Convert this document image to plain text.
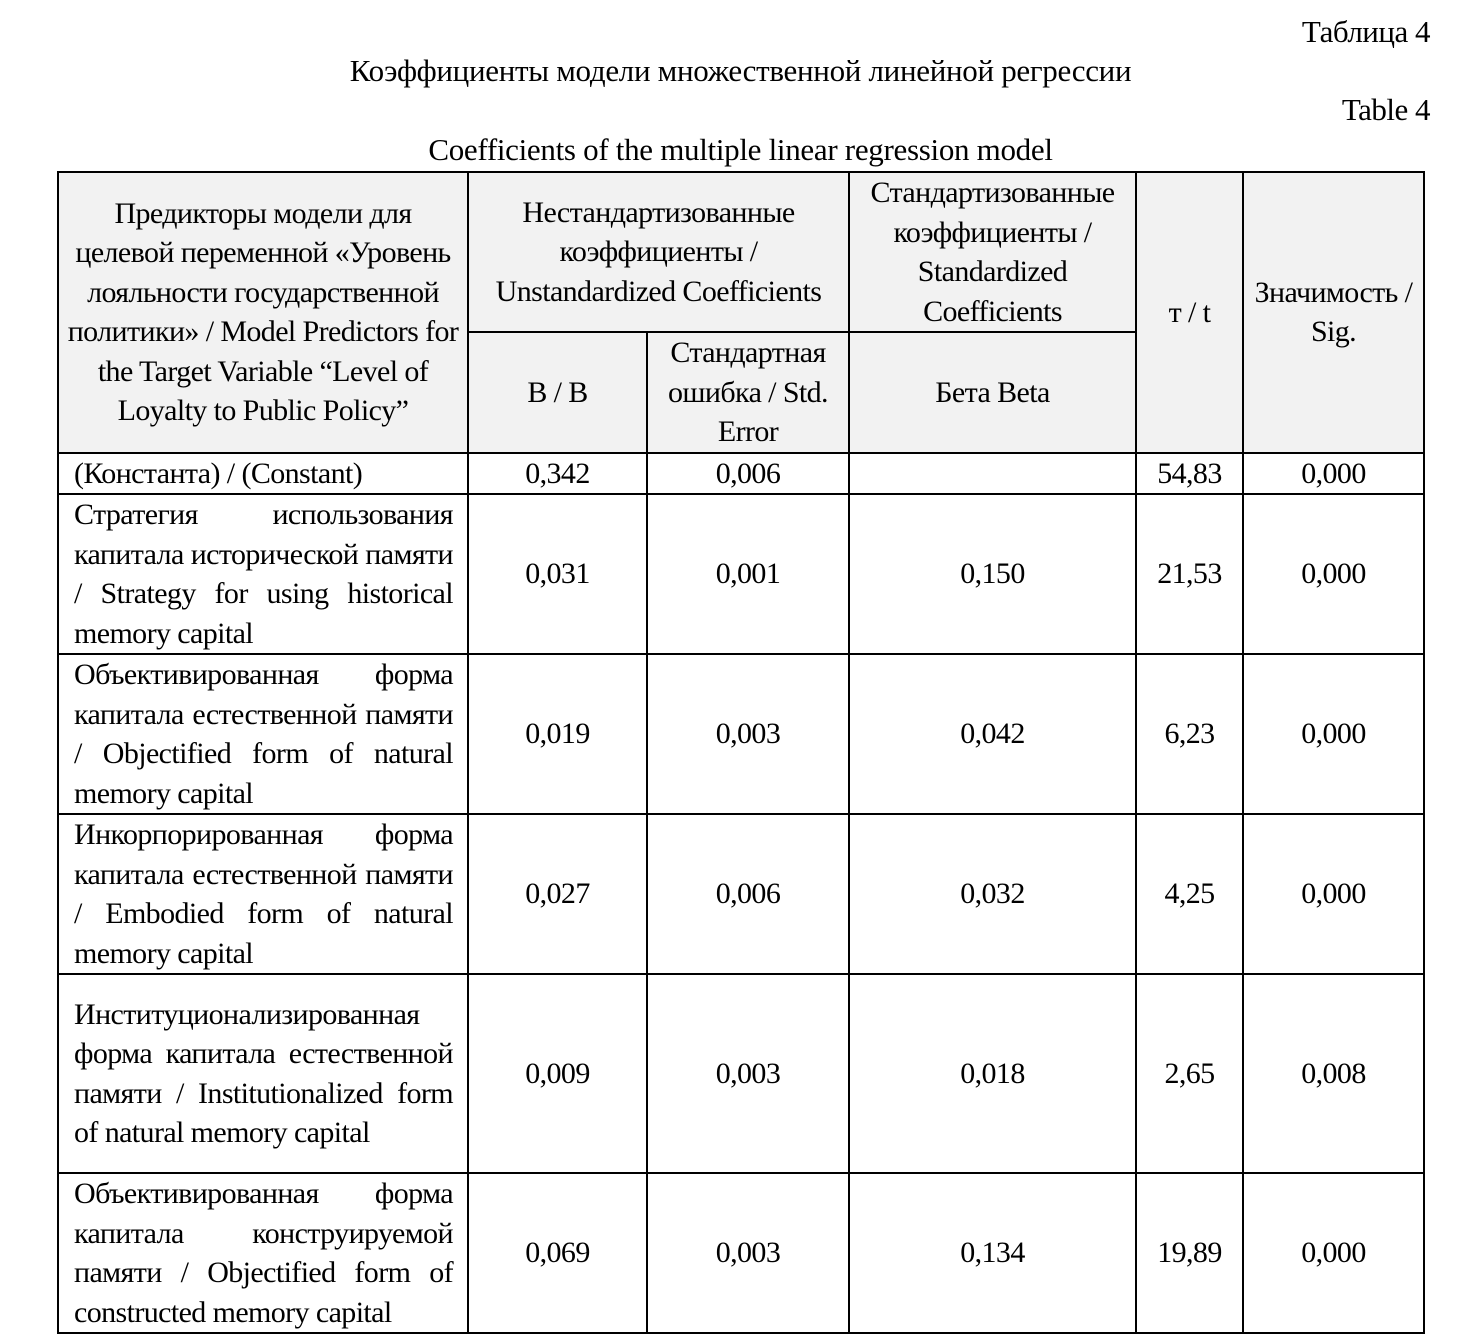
Таблица 4
Коэффициенты модели множественной линейной регрессии
Table 4
Coefficients of the multiple linear regression model
Предикторы модели для целевой переменной «Уровень лояльности государственной политики» / Model Predictors for the Target Variable “Level of Loyalty to Public Policy”	Нестандартизованные коэффициенты / Unstandardized Coefficients		Стандартизованные коэффициенты / Standardized Coefficients	т / t	Значимость / Sig.
	B / B	Стандартная ошибка / Std. Error	Бета Beta		
(Константа) / (Constant)	0,342	0,006		54,83	0,000
Стратегия использования капитала исторической памяти / Strategy for using historical memory capital	0,031	0,001	0,150	21,53	0,000
Объективированная форма капитала естественной памяти / Objectified form of natural memory capital	0,019	0,003	0,042	6,23	0,000
Инкорпорированная форма капитала естественной памяти / Embodied form of natural memory capital	0,027	0,006	0,032	4,25	0,000
Институционализированная форма капитала естественной памяти / Institutionalized form of natural memory capital	0,009	0,003	0,018	2,65	0,008
Объективированная форма капитала конструируемой памяти / Objectified form of constructed memory capital	0,069	0,003	0,134	19,89	0,000
